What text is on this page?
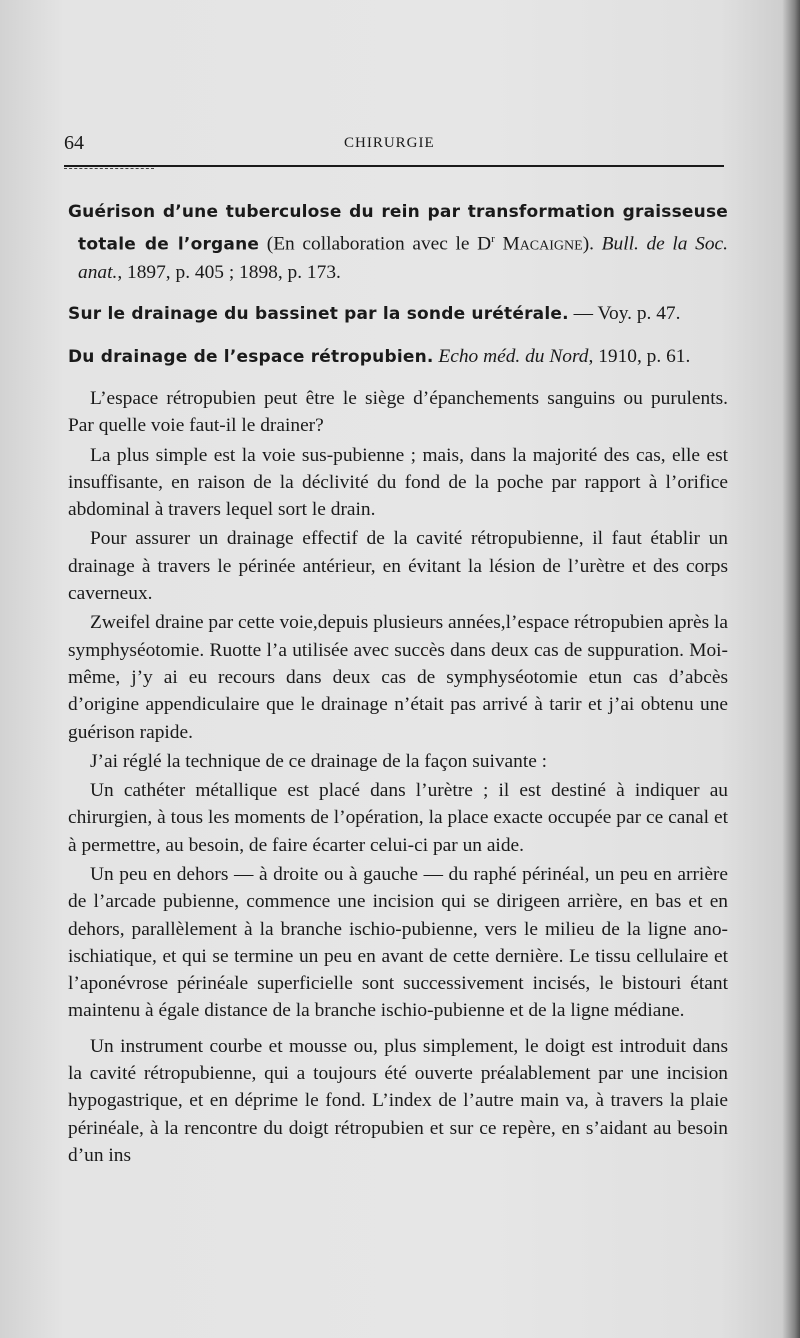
64	CHIRURGIE

Guérison d’une tuberculose du rein par transformation graisseuse totale de l’organe (En collaboration avec le $D^r$ Macaigne). Bull. de la Soc. anat., 1897, p. 405 ; 1898, p. 173.

Sur le drainage du bassinet par la sonde urétérale. — Voy. p. 47.

Du drainage de l’espace rétropubien. Echo méd. du Nord, 1910, p. 61.

L’espace rétropubien peut être le siège d’épanchements sanguins ou purulents. Par quelle voie faut-il le drainer?

La plus simple est la voie sus-pubienne ; mais, dans la majorité des cas, elle est insuffisante, en raison de la déclivité du fond de la poche par rapport à l’orifice abdominal à travers lequel sort le drain.

Pour assurer un drainage effectif de la cavité rétropubienne, il faut établir un drainage à travers le périnée antérieur, en évitant la lésion de l’urètre et des corps caverneux.

Zweifel draine par cette voie,depuis plusieurs années,l’espace rétropubien après la symphyséotomie. Ruotte l’a utilisée avec succès dans deux cas de suppuration. Moi-même, j’y ai eu recours dans deux cas de symphyséotomie etun cas d’abcès d’origine appendiculaire que le drainage n’était pas arrivé à tarir et j’ai obtenu une guérison rapide.

J’ai réglé la technique de ce drainage de la façon suivante :

Un cathéter métallique est placé dans l’urètre ; il est destiné à indiquer au chirurgien, à tous les moments de l’opération, la place exacte occupée par ce canal et à permettre, au besoin, de faire écarter celui-ci par un aide.

Un peu en dehors — à droite ou à gauche — du raphé périnéal, un peu en arrière de l’arcade pubienne, commence une incision qui se dirigeen arrière, en bas et en dehors, parallèlement à la branche ischio-pubienne, vers le milieu de la ligne ano-ischiatique, et qui se termine un peu en avant de cette dernière. Le tissu cellulaire et l’aponévrose périnéale superficielle sont successivement incisés, le bistouri étant maintenu à égale distance de la branche ischio-pubienne et de la ligne médiane.

Un instrument courbe et mousse ou, plus simplement, le doigt est introduit dans la cavité rétropubienne, qui a toujours été ouverte préalablement par une incision hypogastrique, et en déprime le fond. L’index de l’autre main va, à travers la plaie périnéale, à la rencontre du doigt rétropubien et sur ce repère, en s’aidant au besoin d’un ins
